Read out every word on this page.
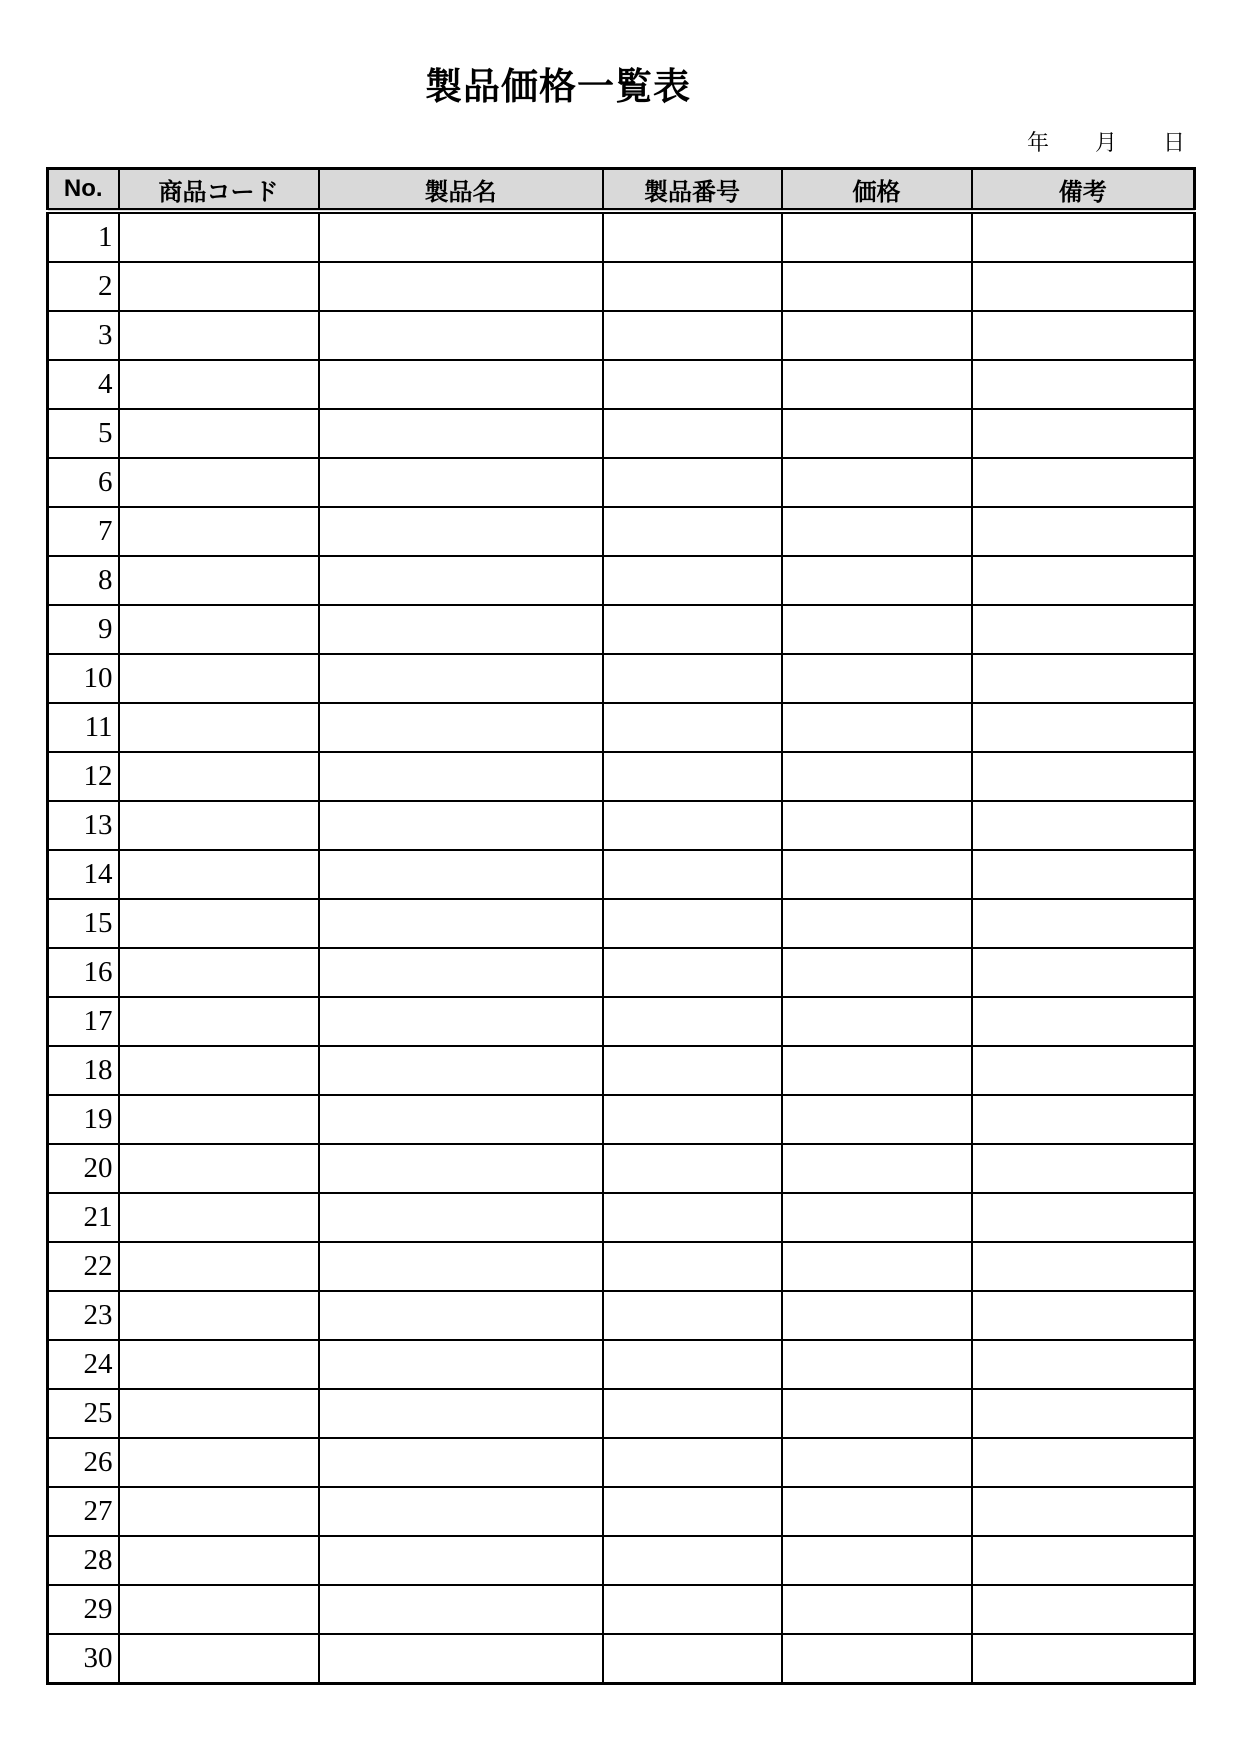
製品価格一覧表
年 月 日
No.	商品コード	製品名	製品番号	価格	備考
1					
2					
3					
4					
5					
6					
7					
8					
9					
10					
11					
12					
13					
14					
15					
16					
17					
18					
19					
20					
21					
22					
23					
24					
25					
26					
27					
28					
29					
30					
